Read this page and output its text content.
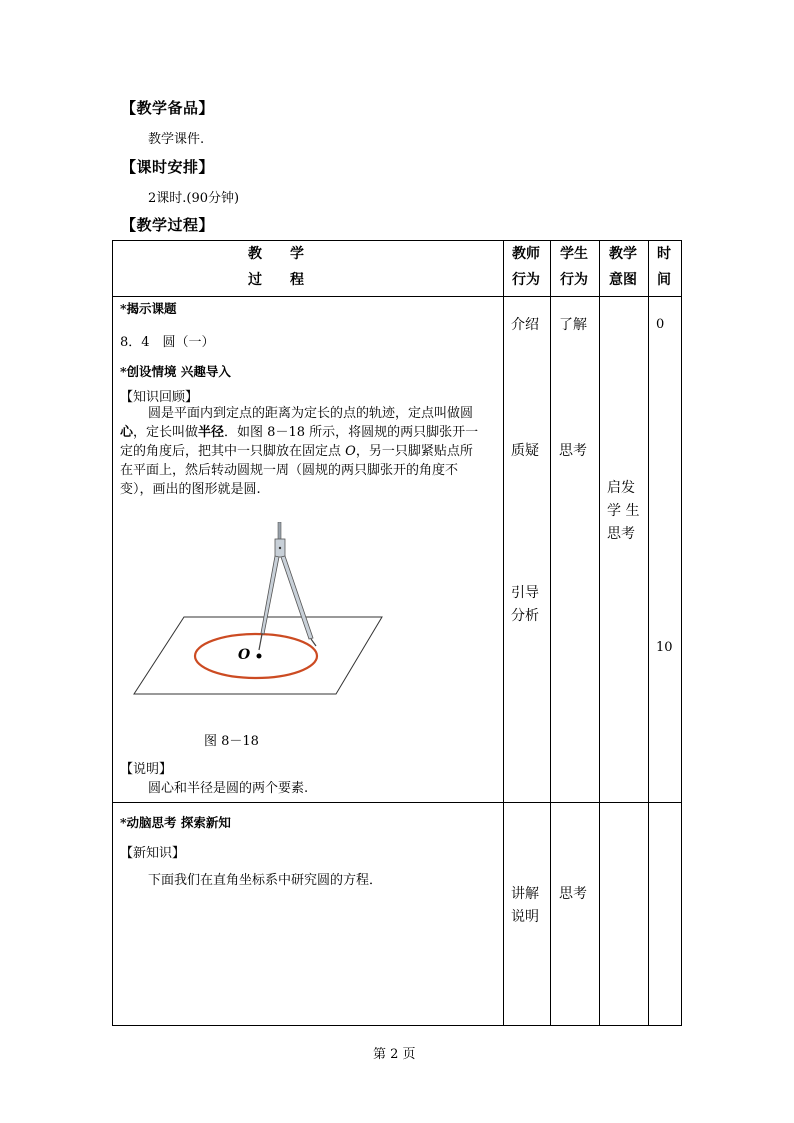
【教学备品】
教学课件.
【课时安排】
2课时.(90分钟)
【教学过程】
教　　学
过　　程
教师
行为
学生
行为
教学
意图
时
间
*揭示课题
8．4　圆（一）
*创设情境 兴趣导入
【知识回顾】
圆是平面内到定点的距离为定长的点的轨迹，定点叫做圆
心，定长叫做半径．如图 8－18 所示，将圆规的两只脚张开一
定的角度后，把其中一只脚放在固定点 O，另一只脚紧贴点所
在平面上，然后转动圆规一周（圆规的两只脚张开的角度不
变），画出的图形就是圆.
O
图 8－18
【说明】
圆心和半径是圆的两个要素.
介绍
质疑
引导
分析
了解
思考
启发
学 生
思考
0
10
*动脑思考 探索新知
【新知识】
下面我们在直角坐标系中研究圆的方程．
讲解
说明
思考
第 2 页
